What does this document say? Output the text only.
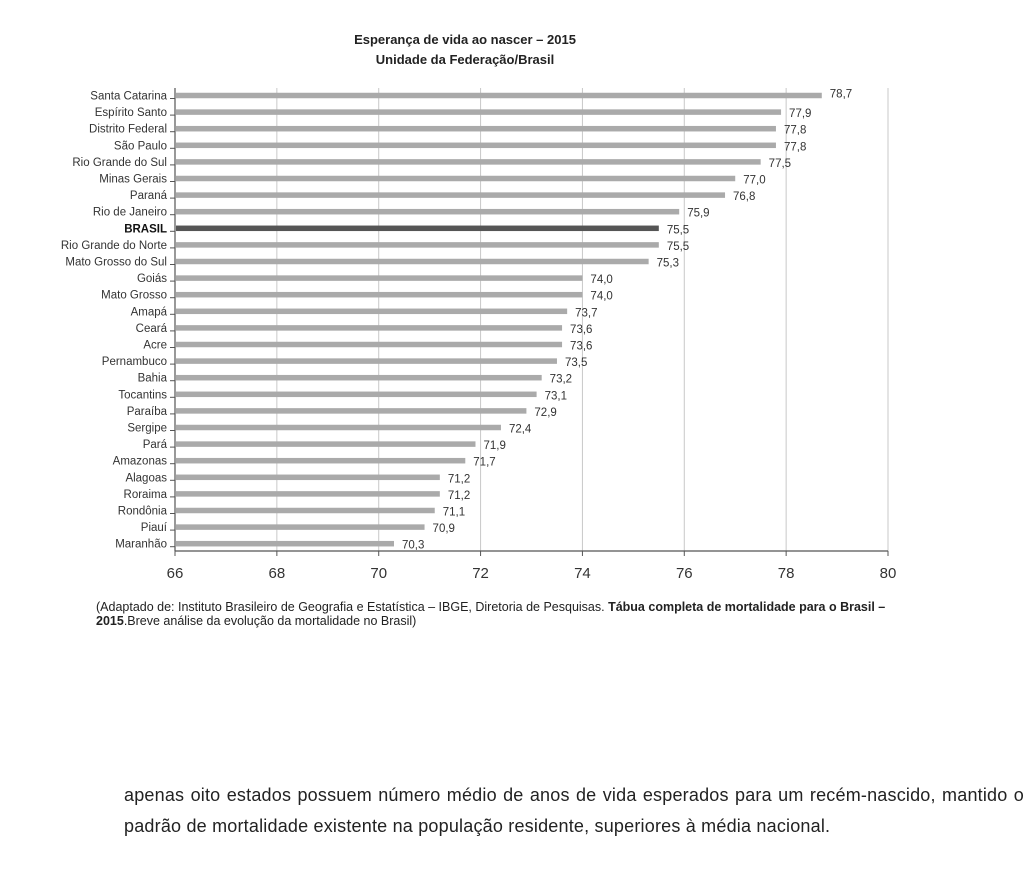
Esperança de vida ao nascer – 2015
Unidade da Federação/Brasil
Santa Catarina	78,7
Espírito Santo	77,9
Distrito Federal	77,8
São Paulo	77,8
Rio Grande do Sul	77,5
Minas Gerais	77,0
Paraná	76,8
Rio de Janeiro	75,9
BRASIL	75,5
Rio Grande do Norte	75,5
Mato Grosso do Sul	75,3
Goiás	74,0
Mato Grosso	74,0
Amapá	73,7
Ceará	73,6
Acre	73,6
Pernambuco	73,5
Bahia	73,2
Tocantins	73,1
Paraíba	72,9
Sergipe	72,4
Pará	71,9
Amazonas	71,7
Alagoas	71,2
Roraima	71,2
Rondônia	71,1
Piauí	70,9
Maranhão	70,3
66	68	70	72	74	76	78	80
(Adaptado de: Instituto Brasileiro de Geografia e Estatística – IBGE, Diretoria de Pesquisas. Tábua completa de mortalidade para o Brasil – 2015.Breve análise da evolução da mortalidade no Brasil)
apenas oito estados possuem número médio de anos de vida esperados para um recém-nascido, mantido o padrão de mortalidade existente na população residente, superiores à média nacional.
